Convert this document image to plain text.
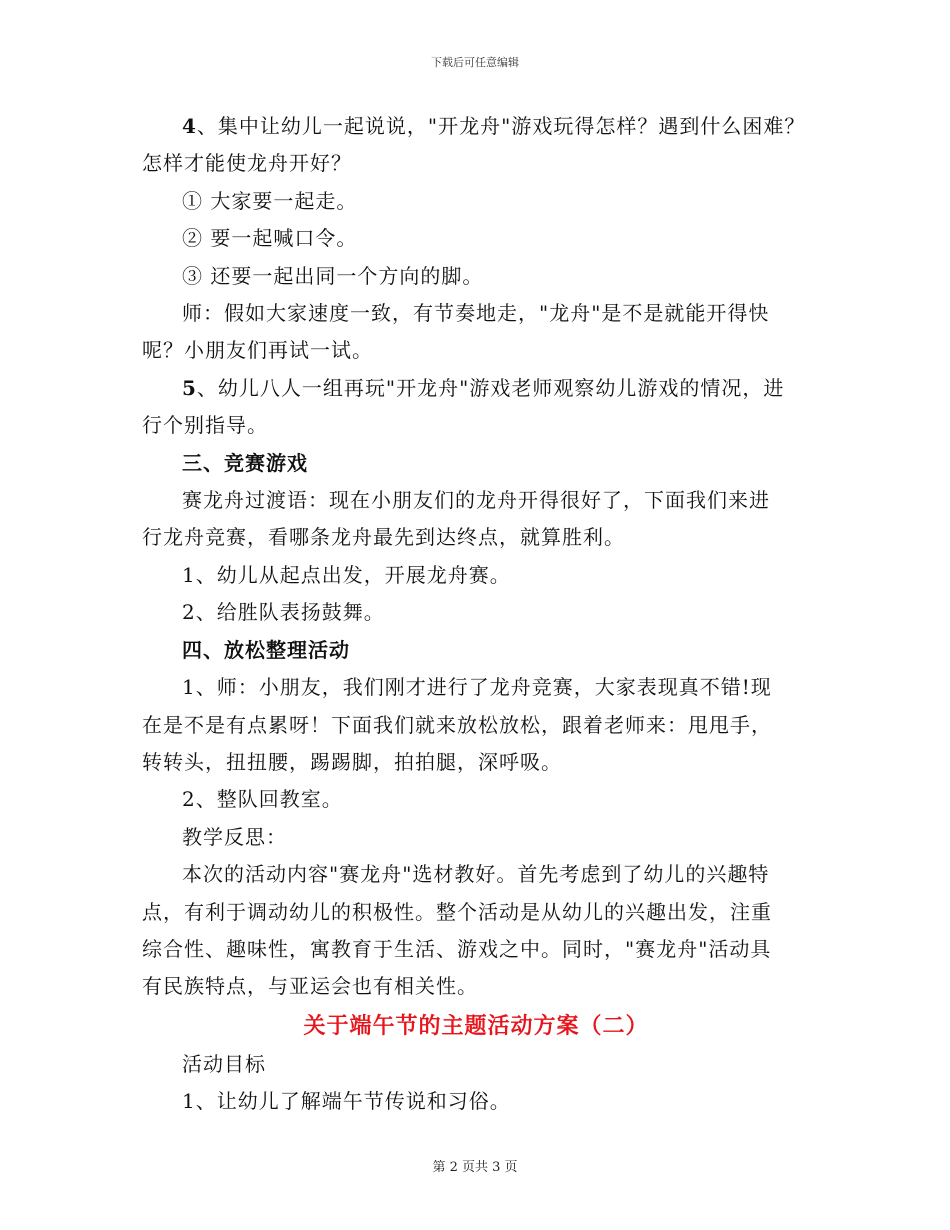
下载后可任意编辑
4、集中让幼儿一起说说，"开龙舟"游戏玩得怎样？遇到什么困难？
怎样才能使龙舟开好？
① 大家要一起走。
② 要一起喊口令。
③ 还要一起出同一个方向的脚。
师：假如大家速度一致，有节奏地走，"龙舟"是不是就能开得快
呢？小朋友们再试一试。
5、幼儿八人一组再玩"开龙舟"游戏老师观察幼儿游戏的情况，进
行个别指导。
三、竞赛游戏
赛龙舟过渡语：现在小朋友们的龙舟开得很好了，下面我们来进
行龙舟竞赛，看哪条龙舟最先到达终点，就算胜利。
1、幼儿从起点出发，开展龙舟赛。
2、给胜队表扬鼓舞。
四、放松整理活动
1、师：小朋友，我们刚才进行了龙舟竞赛，大家表现真不错!现
在是不是有点累呀！下面我们就来放松放松，跟着老师来：甩甩手，
转转头，扭扭腰，踢踢脚，拍拍腿，深呼吸。
2、整队回教室。
教学反思：
本次的活动内容"赛龙舟"选材教好。首先考虑到了幼儿的兴趣特
点，有利于调动幼儿的积极性。整个活动是从幼儿的兴趣出发，注重
综合性、趣味性，寓教育于生活、游戏之中。同时，"赛龙舟"活动具
有民族特点，与亚运会也有相关性。
关于端午节的主题活动方案（二）
活动目标
1、让幼儿了解端午节传说和习俗。
第 2 页共 3 页
